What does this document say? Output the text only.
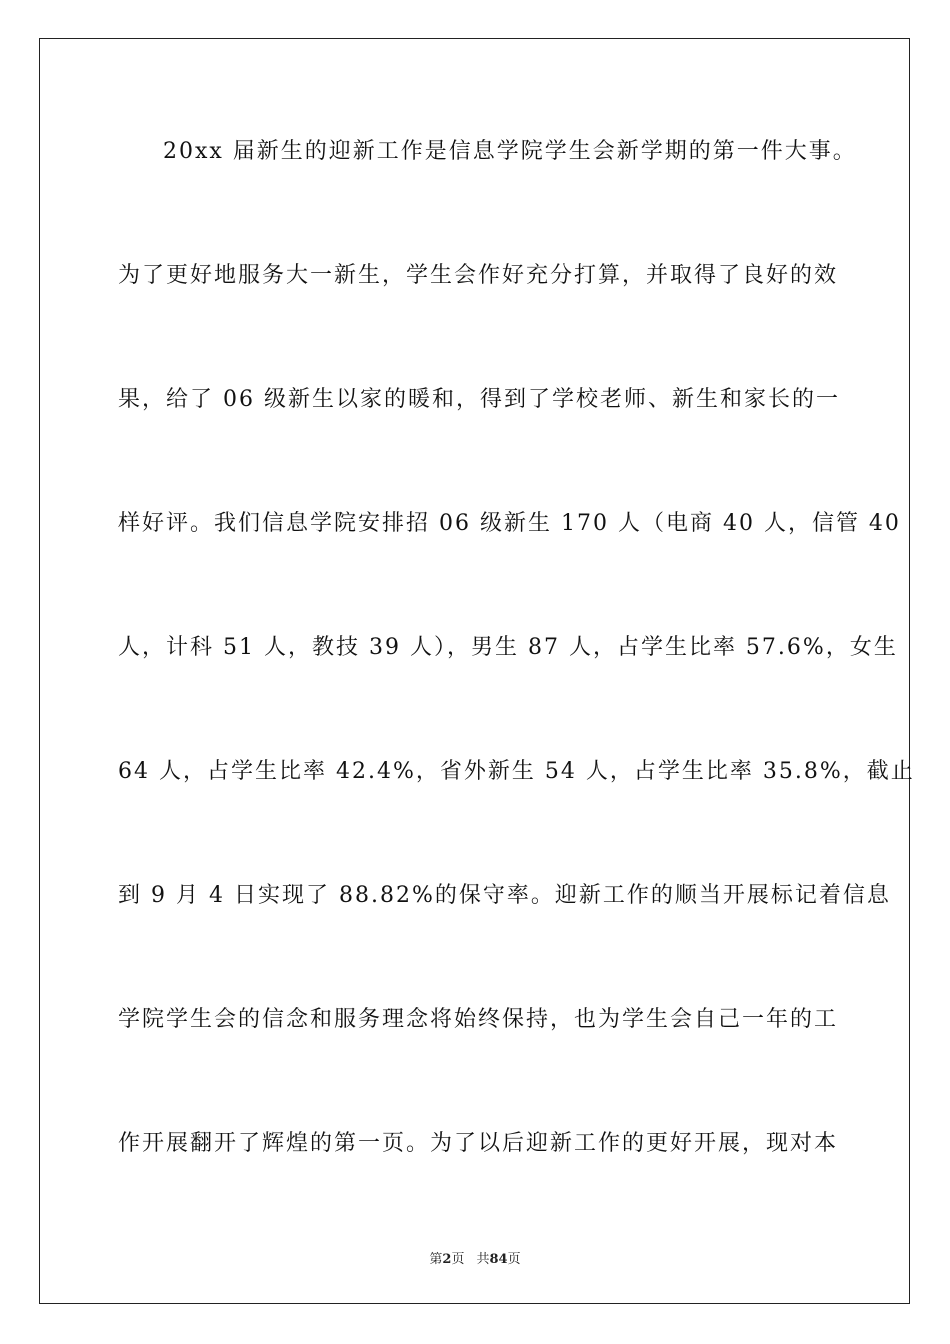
20xx 届新生的迎新工作是信息学院学生会新学期的第一件大事。
为了更好地服务大一新生，学生会作好充分打算，并取得了良好的效
果，给了 06 级新生以家的暖和，得到了学校老师、新生和家长的一
样好评。我们信息学院安排招 06 级新生 170 人（电商 40 人，信管 40
人，计科 51 人，教技 39 人），男生 87 人，占学生比率 57.6%，女生
64 人，占学生比率 42.4%，省外新生 54 人，占学生比率 35.8%，截止
到 9 月 4 日实现了 88.82%的保守率。迎新工作的顺当开展标记着信息
学院学生会的信念和服务理念将始终保持，也为学生会自己一年的工
作开展翻开了辉煌的第一页。为了以后迎新工作的更好开展，现对本
第2页 共84页
